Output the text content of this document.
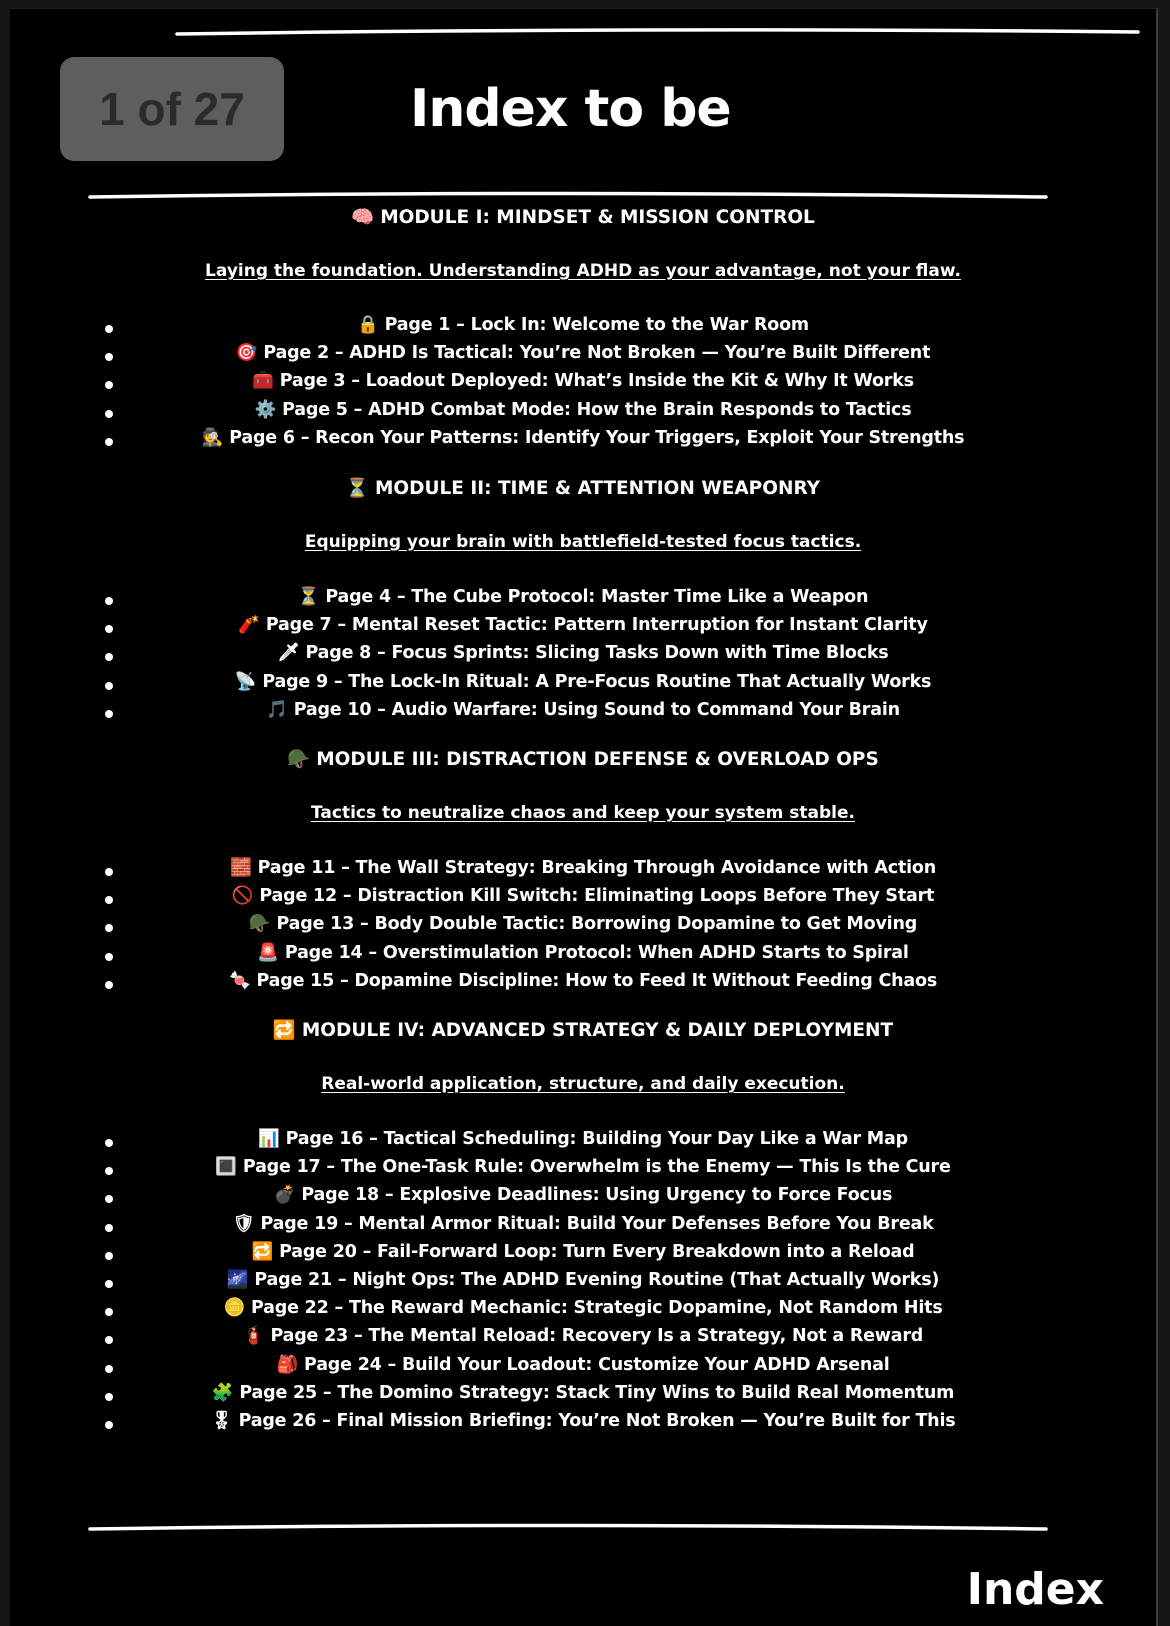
Index to be
🧠 MODULE I: MINDSET & MISSION CONTROL
Laying the foundation. Understanding ADHD as your advantage, not your flaw.
🔒 Page 1 – Lock In: Welcome to the War Room
🎯 Page 2 – ADHD Is Tactical: You’re Not Broken — You’re Built Different
🧰 Page 3 – Loadout Deployed: What’s Inside the Kit & Why It Works
⚙️ Page 5 – ADHD Combat Mode: How the Brain Responds to Tactics
🕵 Page 6 – Recon Your Patterns: Identify Your Triggers, Exploit Your Strengths
⏳ MODULE II: TIME & ATTENTION WEAPONRY
Equipping your brain with battlefield-tested focus tactics.
⏳ Page 4 – The Cube Protocol: Master Time Like a Weapon
🧨 Page 7 – Mental Reset Tactic: Pattern Interruption for Instant Clarity
🗡 Page 8 – Focus Sprints: Slicing Tasks Down with Time Blocks
📡 Page 9 – The Lock-In Ritual: A Pre-Focus Routine That Actually Works
🎵 Page 10 – Audio Warfare: Using Sound to Command Your Brain
🪖 MODULE III: DISTRACTION DEFENSE & OVERLOAD OPS
Tactics to neutralize chaos and keep your system stable.
🧱 Page 11 – The Wall Strategy: Breaking Through Avoidance with Action
🚫 Page 12 – Distraction Kill Switch: Eliminating Loops Before They Start
🪖 Page 13 – Body Double Tactic: Borrowing Dopamine to Get Moving
🚨 Page 14 – Overstimulation Protocol: When ADHD Starts to Spiral
🍬 Page 15 – Dopamine Discipline: How to Feed It Without Feeding Chaos
🔁 MODULE IV: ADVANCED STRATEGY & DAILY DEPLOYMENT
Real-world application, structure, and daily execution.
📊 Page 16 – Tactical Scheduling: Building Your Day Like a War Map
🔳 Page 17 – The One-Task Rule: Overwhelm is the Enemy — This Is the Cure
💣 Page 18 – Explosive Deadlines: Using Urgency to Force Focus
🛡 Page 19 – Mental Armor Ritual: Build Your Defenses Before You Break
🔁 Page 20 – Fail-Forward Loop: Turn Every Breakdown into a Reload
🌌 Page 21 – Night Ops: The ADHD Evening Routine (That Actually Works)
🪙 Page 22 – The Reward Mechanic: Strategic Dopamine, Not Random Hits
🧯 Page 23 – The Mental Reload: Recovery Is a Strategy, Not a Reward
🎒 Page 24 – Build Your Loadout: Customize Your ADHD Arsenal
🧩 Page 25 – The Domino Strategy: Stack Tiny Wins to Build Real Momentum
🎖 Page 26 – Final Mission Briefing: You’re Not Broken — You’re Built for This
Index
1 of 27
